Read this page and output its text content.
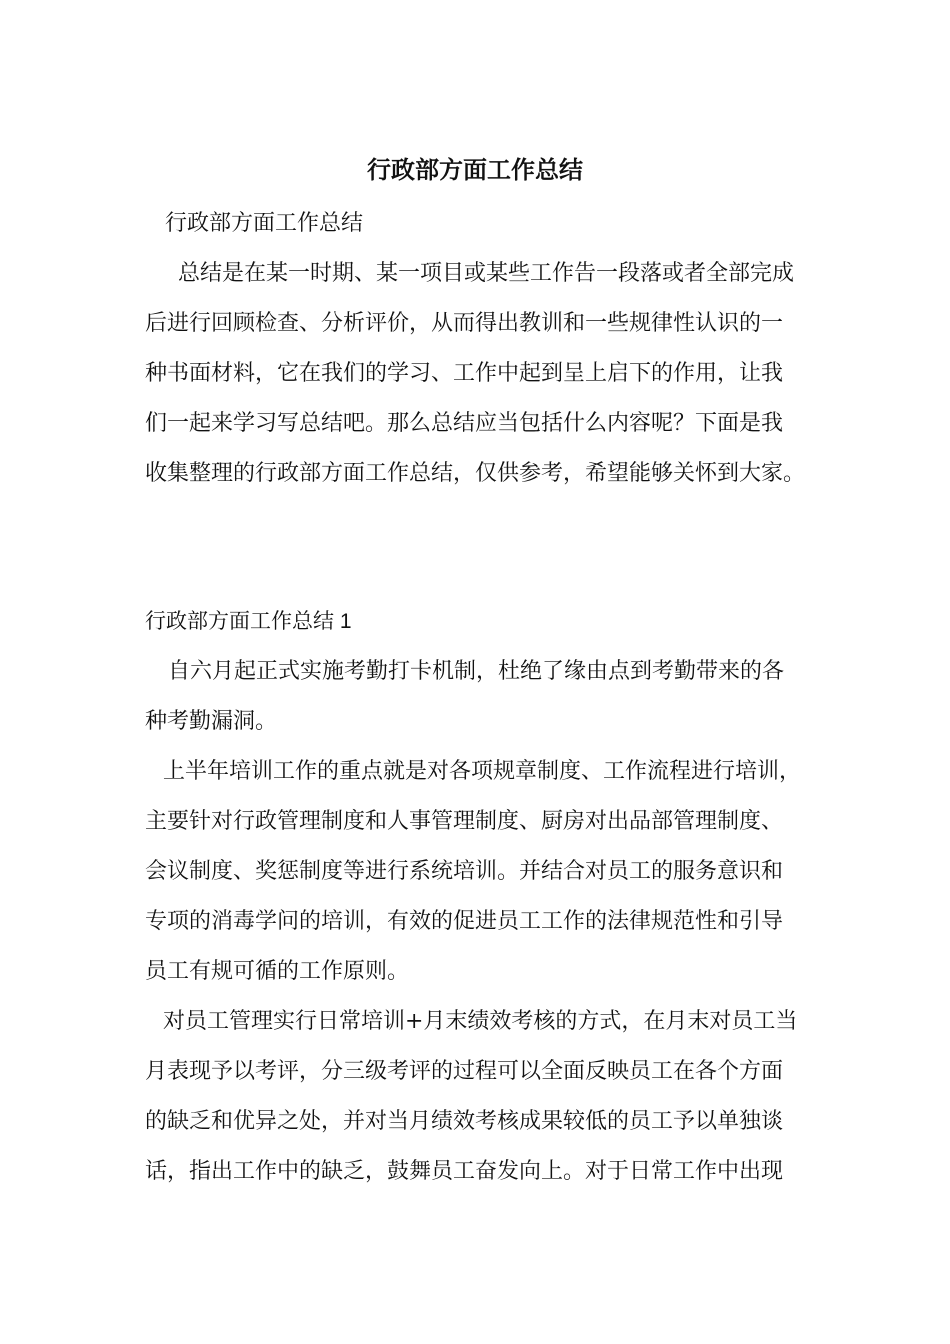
行政部方面工作总结
行政部方面工作总结
总结是在某一时期、某一项目或某些工作告一段落或者全部完成
后进行回顾检查、分析评价，从而得出教训和一些规律性认识的一
种书面材料，它在我们的学习、工作中起到呈上启下的作用，让我
们一起来学习写总结吧。那么总结应当包括什么内容呢？下面是我
收集整理的行政部方面工作总结，仅供参考，希望能够关怀到大家。
行政部方面工作总结 1
自六月起正式实施考勤打卡机制，杜绝了缘由点到考勤带来的各
种考勤漏洞。
上半年培训工作的重点就是对各项规章制度、工作流程进行培训，
主要针对行政管理制度和人事管理制度、厨房对出品部管理制度、
会议制度、奖惩制度等进行系统培训。并结合对员工的服务意识和
专项的消毒学问的培训，有效的促进员工工作的法律规范性和引导
员工有规可循的工作原则。
对员工管理实行日常培训+月末绩效考核的方式，在月末对员工当
月表现予以考评，分三级考评的过程可以全面反映员工在各个方面
的缺乏和优异之处，并对当月绩效考核成果较低的员工予以单独谈
话，指出工作中的缺乏，鼓舞员工奋发向上。对于日常工作中出现
